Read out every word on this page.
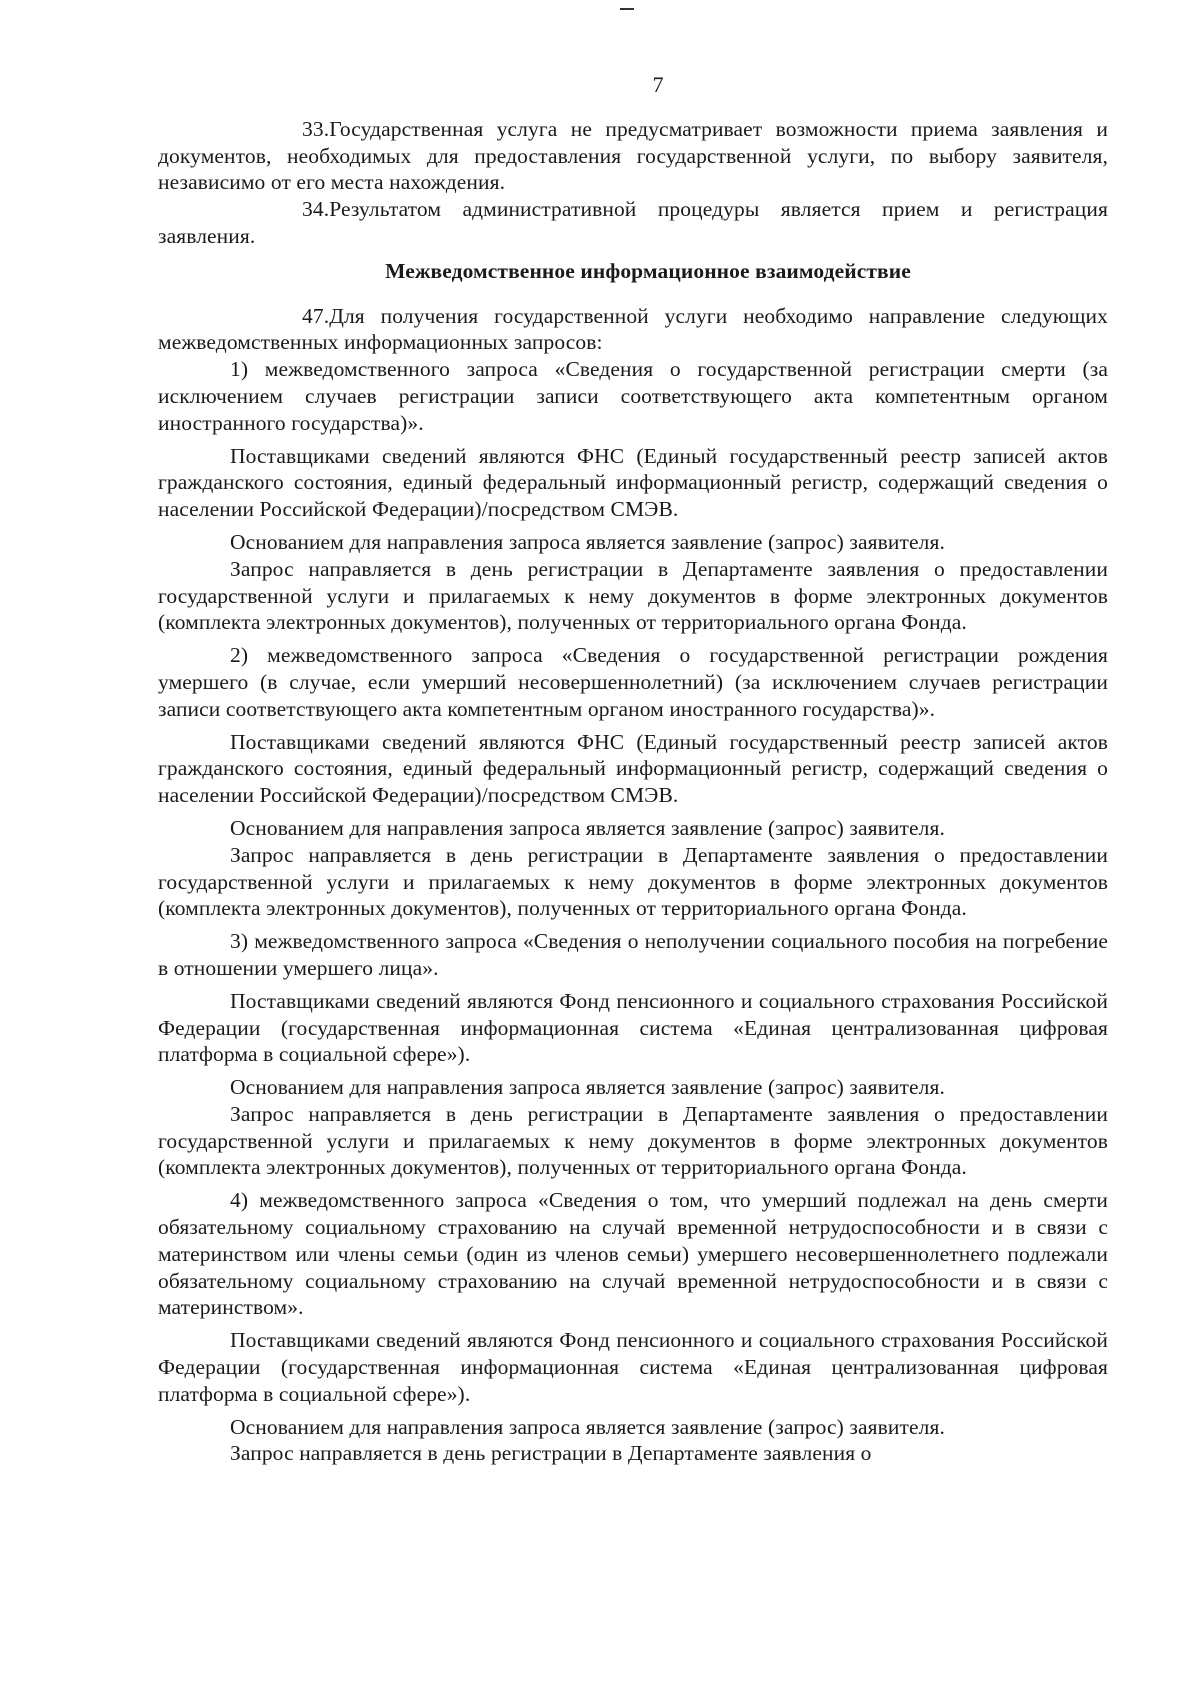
7

33.Государственная услуга не предусматривает возможности приема заявления и документов, необходимых для предоставления государственной услуги, по выбору заявителя, независимо от его места нахождения.

34.Результатом административной процедуры является прием и регистрация заявления.

Межведомственное информационное взаимодействие

47.Для получения государственной услуги необходимо направление следующих межведомственных информационных запросов:

1) межведомственного запроса «Сведения о государственной регистрации смерти (за исключением случаев регистрации записи соответствующего акта компетентным органом иностранного государства)».

Поставщиками сведений являются ФНС (Единый государственный реестр записей актов гражданского состояния, единый федеральный информационный регистр, содержащий сведения о населении Российской Федерации)/посредством СМЭВ.

Основанием для направления запроса является заявление (запрос) заявителя.

Запрос направляется в день регистрации в Департаменте заявления о предоставлении государственной услуги и прилагаемых к нему документов в форме электронных документов (комплекта электронных документов), полученных от территориального органа Фонда.

2) межведомственного запроса «Сведения о государственной регистрации рождения умершего (в случае, если умерший несовершеннолетний) (за исключением случаев регистрации записи соответствующего акта компетентным органом иностранного государства)».

Поставщиками сведений являются ФНС (Единый государственный реестр записей актов гражданского состояния, единый федеральный информационный регистр, содержащий сведения о населении Российской Федерации)/посредством СМЭВ.

Основанием для направления запроса является заявление (запрос) заявителя.

Запрос направляется в день регистрации в Департаменте заявления о предоставлении государственной услуги и прилагаемых к нему документов в форме электронных документов (комплекта электронных документов), полученных от территориального органа Фонда.

3) межведомственного запроса «Сведения о неполучении социального пособия на погребение в отношении умершего лица».

Поставщиками сведений являются Фонд пенсионного и социального страхования Российской Федерации (государственная информационная система «Единая централизованная цифровая платформа в социальной сфере»).

Основанием для направления запроса является заявление (запрос) заявителя.

Запрос направляется в день регистрации в Департаменте заявления о предоставлении государственной услуги и прилагаемых к нему документов в форме электронных документов (комплекта электронных документов), полученных от территориального органа Фонда.

4) межведомственного запроса «Сведения о том, что умерший подлежал на день смерти обязательному социальному страхованию на случай временной нетрудоспособности и в связи с материнством или члены семьи (один из членов семьи) умершего несовершеннолетнего подлежали обязательному социальному страхованию на случай временной нетрудоспособности и в связи с материнством».

Поставщиками сведений являются Фонд пенсионного и социального страхования Российской Федерации (государственная информационная система «Единая централизованная цифровая платформа в социальной сфере»).

Основанием для направления запроса является заявление (запрос) заявителя.

Запрос направляется в день регистрации в Департаменте заявления о
